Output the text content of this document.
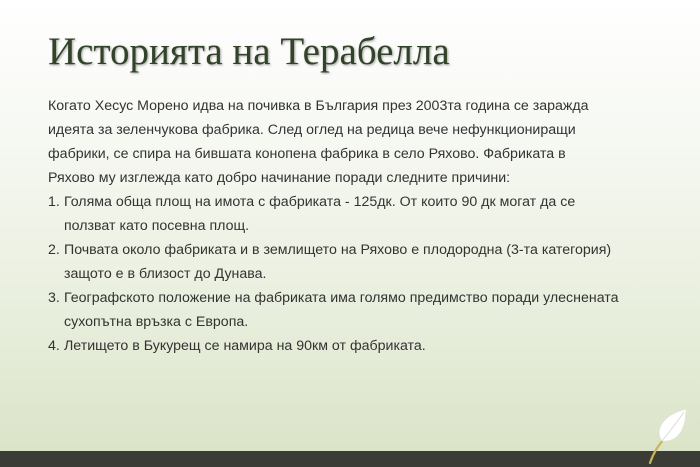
Историята на Терабелла

Когато Хесус Морено идва на почивка в България през 2003та година се заражда
идеята за зеленчукова фабрика. След оглед на редица вече нефункциониращи
фабрики, се спира на бившата конопена фабрика в село Ряхово. Фабриката в
Ряхово му изглежда като добро начинание поради следните причини:

1. Голяма обща площ на имота с фабриката - 125дк. От които 90 дк могат да се
ползват като посевна площ.
2. Почвата около фабриката и в землището на Ряхово е плодородна (3-та категория)
защото е в близост до Дунава.
3. Географското положение на фабриката има голямо предимство поради улеснената
сухопътна връзка с Европа.
4. Летището в Букурещ се намира на 90км от фабриката.
